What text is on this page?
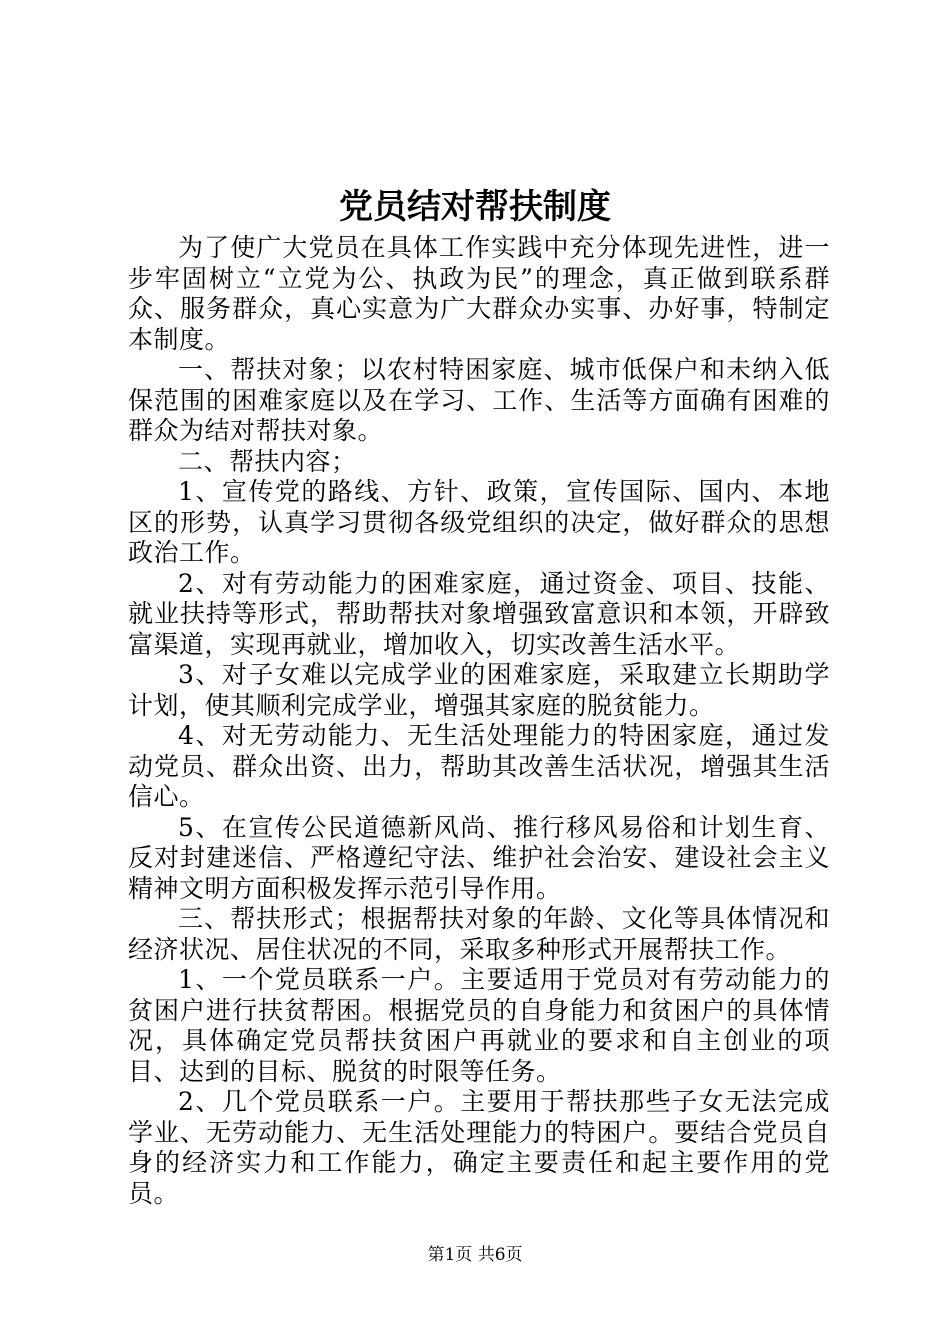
党员结对帮扶制度

为了使广大党员在具体工作实践中充分体现先进性，进一步牢固树立“立党为公、执政为民”的理念，真正做到联系群众、服务群众，真心实意为广大群众办实事、办好事，特制定本制度。

一、帮扶对象；以农村特困家庭、城市低保户和未纳入低保范围的困难家庭以及在学习、工作、生活等方面确有困难的群众为结对帮扶对象。

二、帮扶内容；

1、宣传党的路线、方针、政策，宣传国际、国内、本地区的形势，认真学习贯彻各级党组织的决定，做好群众的思想政治工作。

2、对有劳动能力的困难家庭，通过资金、项目、技能、就业扶持等形式，帮助帮扶对象增强致富意识和本领，开辟致富渠道，实现再就业，增加收入，切实改善生活水平。

3、对子女难以完成学业的困难家庭，采取建立长期助学计划，使其顺利完成学业，增强其家庭的脱贫能力。

4、对无劳动能力、无生活处理能力的特困家庭，通过发动党员、群众出资、出力，帮助其改善生活状况，增强其生活信心。

5、在宣传公民道德新风尚、推行移风易俗和计划生育、反对封建迷信、严格遵纪守法、维护社会治安、建设社会主义精神文明方面积极发挥示范引导作用。

三、帮扶形式；根据帮扶对象的年龄、文化等具体情况和经济状况、居住状况的不同，采取多种形式开展帮扶工作。

1、一个党员联系一户。主要适用于党员对有劳动能力的贫困户进行扶贫帮困。根据党员的自身能力和贫困户的具体情况，具体确定党员帮扶贫困户再就业的要求和自主创业的项目、达到的目标、脱贫的时限等任务。

2、几个党员联系一户。主要用于帮扶那些子女无法完成学业、无劳动能力、无生活处理能力的特困户。要结合党员自身的经济实力和工作能力，确定主要责任和起主要作用的党员。

第1页 共6页
